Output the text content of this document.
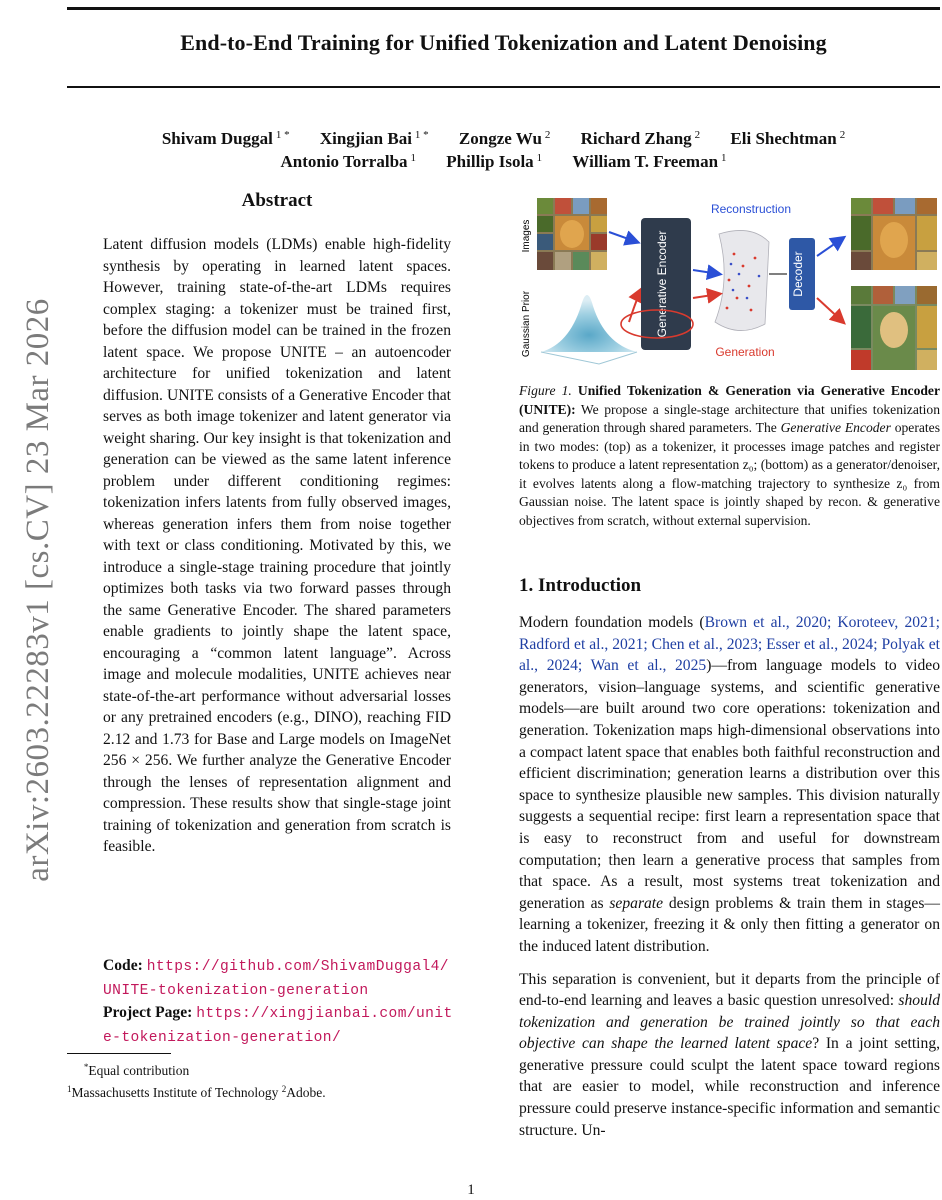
End-to-End Training for Unified Tokenization and Latent Denoising
Shivam Duggal $^{1 *}$ Xingjian Bai $^{1 *}$ Zongze Wu $^2$ Richard Zhang $^2$ Eli Shechtman $^2$
Antonio Torralba $^1$ Phillip Isola $^1$ William T. Freeman $^1$
arXiv:2603.22283v1 [cs.CV] 23 Mar 2026
Abstract

Latent diffusion models (LDMs) enable high-fidelity synthesis by operating in learned latent spaces. However, training state-of-the-art LDMs requires complex staging: a tokenizer must be trained first, before the diffusion model can be trained in the frozen latent space. We propose UNITE – an autoencoder architecture for unified tokenization and latent diffusion. UNITE consists of a Generative Encoder that serves as both image tokenizer and latent generator via weight sharing. Our key insight is that tokenization and generation can be viewed as the same latent inference problem under different conditioning regimes: tokenization infers latents from fully observed images, whereas generation infers them from noise together with text or class conditioning. Motivated by this, we introduce a single-stage training procedure that jointly optimizes both tasks via two forward passes through the same Generative Encoder. The shared parameters enable gradients to jointly shape the latent space, encouraging a “common latent language”. Across image and molecule modalities, UNITE achieves near state-of-the-art performance without adversarial losses or any pretrained encoders (e.g., DINO), reaching FID 2.12 and 1.73 for Base and Large models on ImageNet 256 × 256. We further analyze the Generative Encoder through the lenses of representation alignment and compression. These results show that single-stage joint training of tokenization and generation from scratch is feasible.

Code: https://github.com/ShivamDuggal4/UNITE-tokenization-generation
Project Page: https://xingjianbai.com/unite-tokenization-generation/
*Equal contribution
$^1$Massachusetts Institute of Technology $^2$Adobe.
Images
Gaussian Prior	Generative Encoder	Decoder
Reconstruction
Generation
Figure 1. Unified Tokenization & Generation via Generative Encoder (UNITE): We propose a single-stage architecture that unifies tokenization and generation through shared parameters. The Generative Encoder operates in two modes: (top) as a tokenizer, it processes image patches and register tokens to produce a latent representation z₀; (bottom) as a generator/denoiser, it evolves latents along a flow-matching trajectory to synthesize z₀ from Gaussian noise. The latent space is jointly shaped by recon. & generative objectives from scratch, without external supervision.
1. Introduction

Modern foundation models (Brown et al., 2020; Koroteev, 2021; Radford et al., 2021; Chen et al., 2023; Esser et al., 2024; Polyak et al., 2024; Wan et al., 2025)—from language models to video generators, vision–language systems, and scientific generative models—are built around two core operations: tokenization and generation. Tokenization maps high-dimensional observations into a compact latent space that enables both faithful reconstruction and efficient discrimination; generation learns a distribution over this space to synthesize plausible new samples. This division naturally suggests a sequential recipe: first learn a representation space that is easy to reconstruct from and useful for downstream computation; then learn a generative process that samples from that space. As a result, most systems treat tokenization and generation as separate design problems & train them in stages—learning a tokenizer, freezing it & only then fitting a generator on the induced latent distribution.

This separation is convenient, but it departs from the principle of end-to-end learning and leaves a basic question unresolved: should tokenization and generation be trained jointly so that each objective can shape the learned latent space? In a joint setting, generative pressure could sculpt the latent space toward regions that are easier to model, while reconstruction and inference pressure could preserve instance-specific information and semantic structure. Un-

1
